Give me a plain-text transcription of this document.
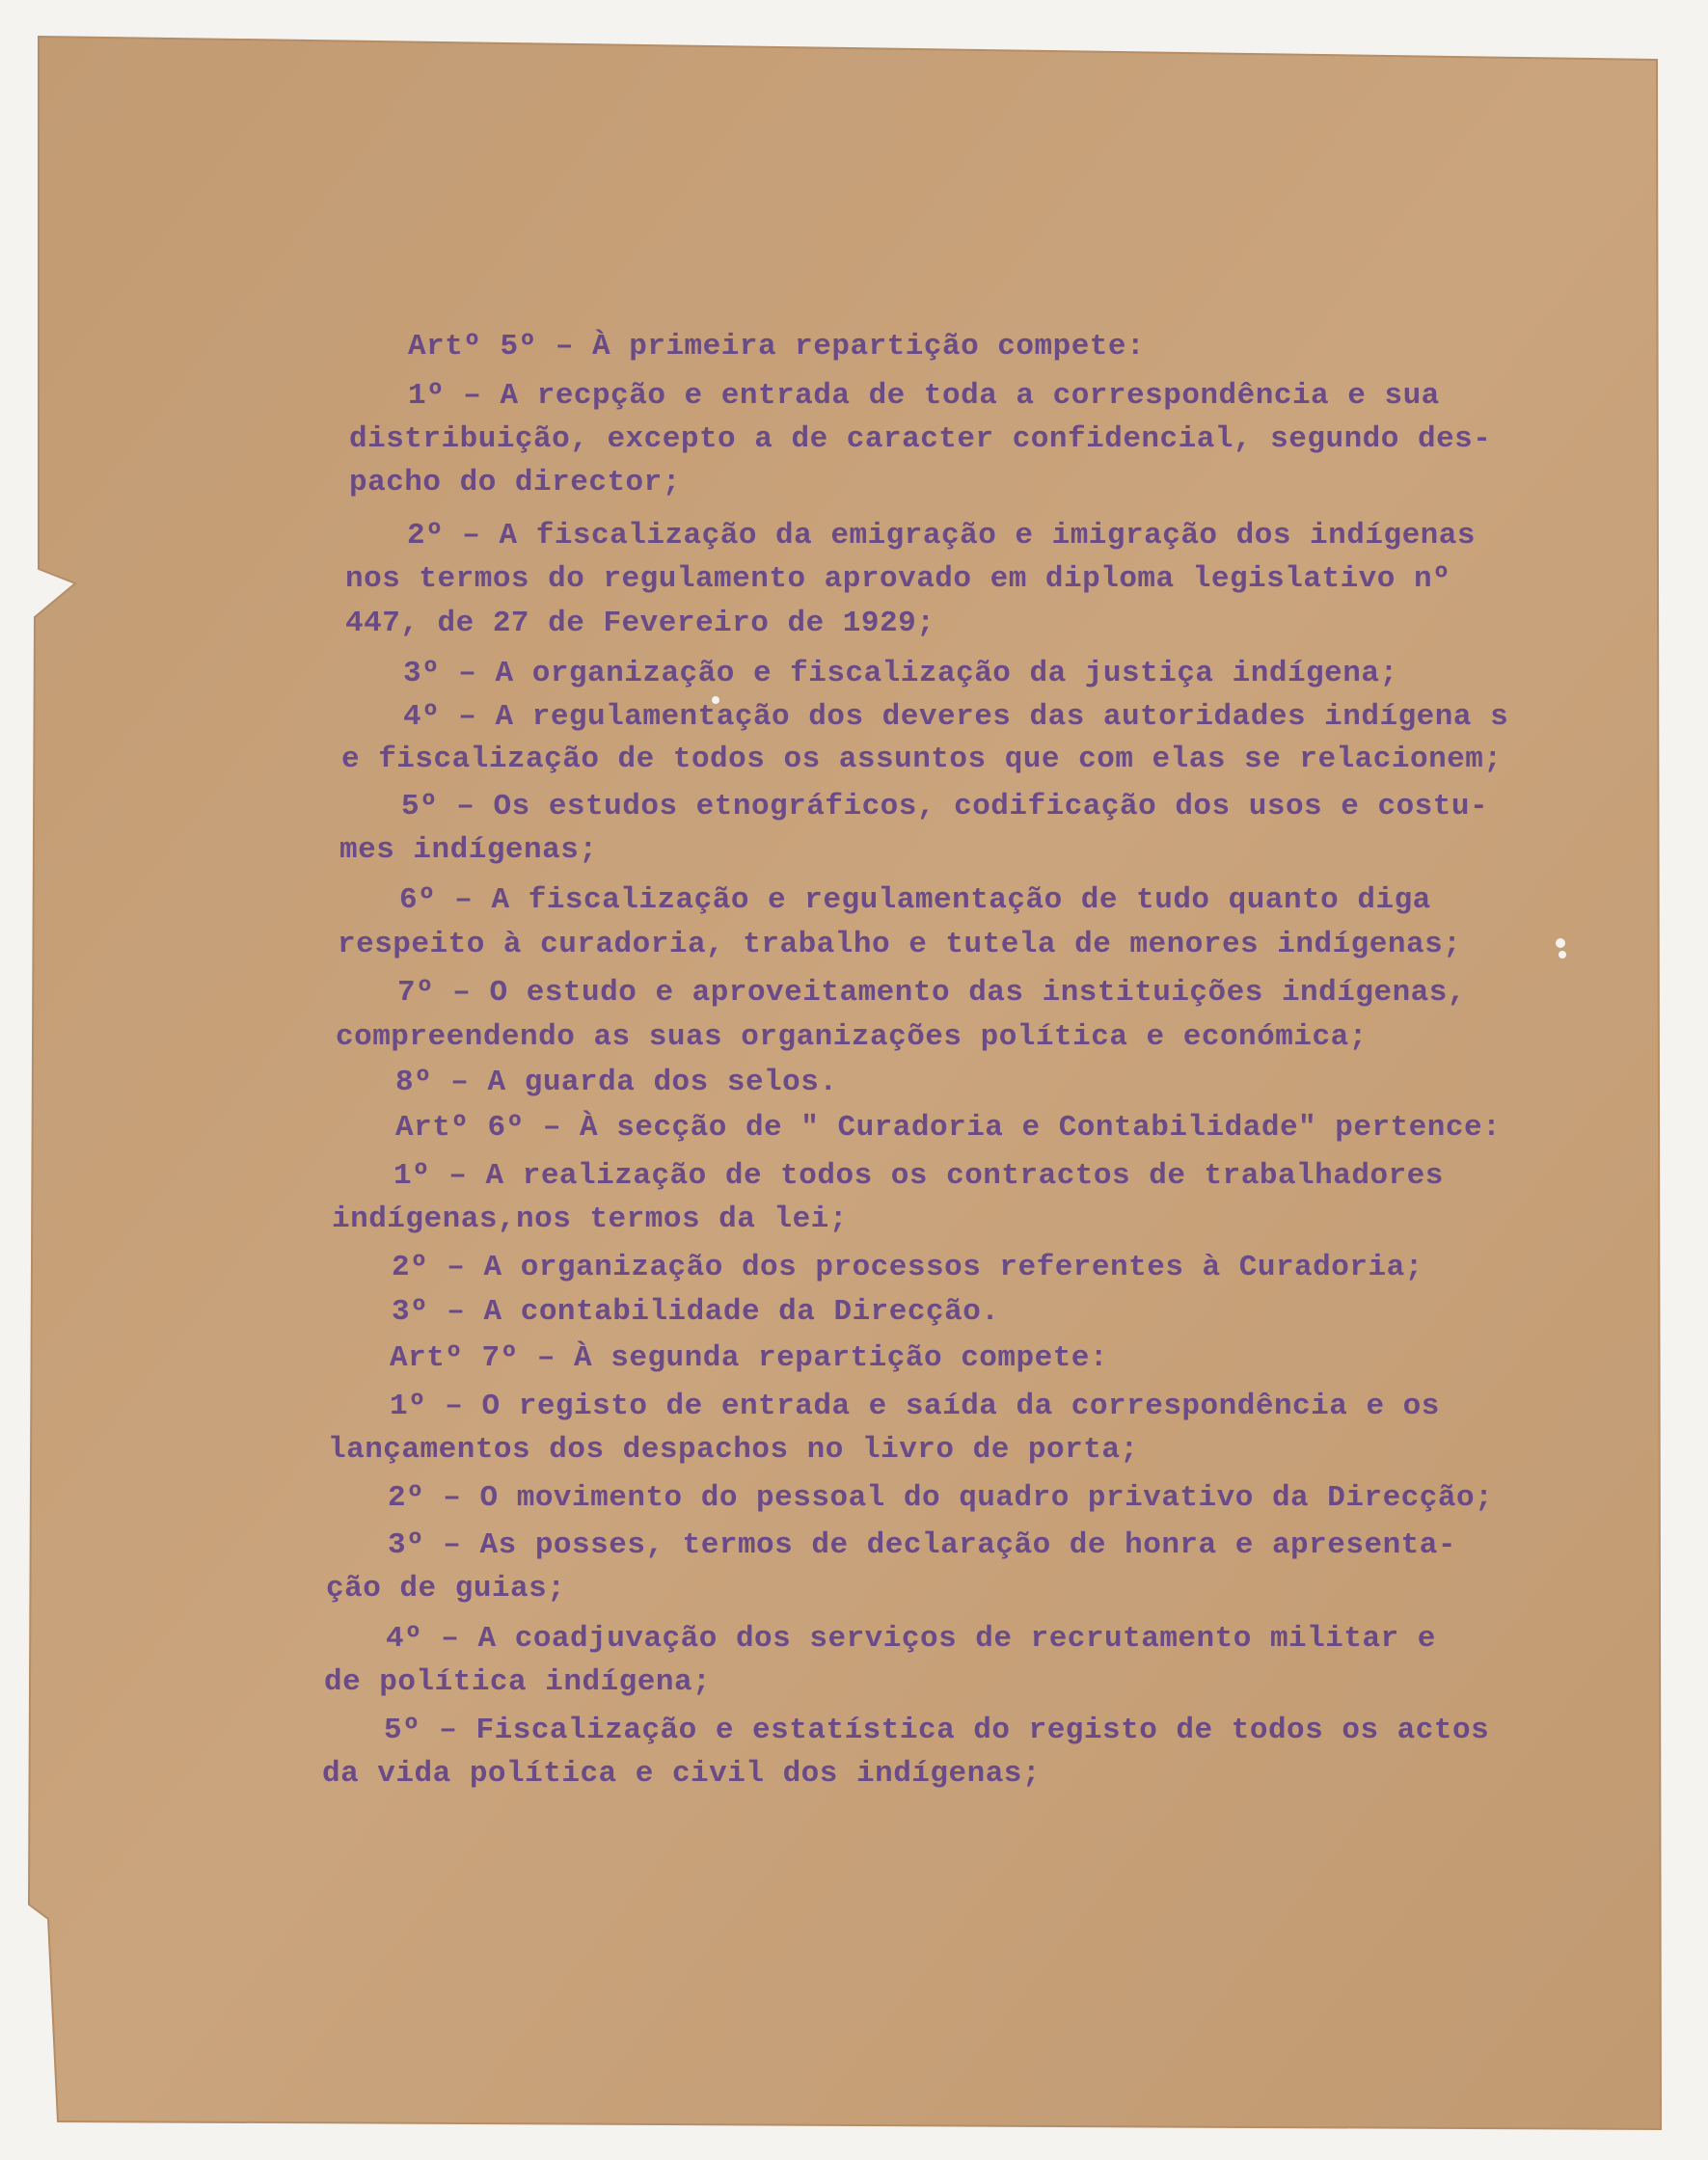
Artº 5º – À primeira repartição compete:
1º – A recpção e entrada de toda a correspondência e sua
distribuição, excepto a de caracter confidencial, segundo des-
pacho do director;
2º – A fiscalização da emigração e imigração dos indígenas
nos termos do regulamento aprovado em diploma legislativo nº
447, de 27 de Fevereiro de 1929;
3º – A organização e fiscalização da justiça indígena;
4º – A regulamentação dos deveres das autoridades indígena s
e fiscalização de todos os assuntos que com elas se relacionem;
5º – Os estudos etnográficos, codificação dos usos e costu-
mes indígenas;
6º – A fiscalização e regulamentação de tudo quanto diga
respeito à curadoria, trabalho e tutela de menores indígenas;
7º – O estudo e aproveitamento das instituições indígenas,
compreendendo as suas organizações política e económica;
8º – A guarda dos selos.
Artº 6º – À secção de " Curadoria e Contabilidade" pertence:
1º – A realização de todos os contractos de trabalhadores
indígenas,nos termos da lei;
2º – A organização dos processos referentes à Curadoria;
3º – A contabilidade da Direcção.
Artº 7º – À segunda repartição compete:
1º – O registo de entrada e saída da correspondência e os
lançamentos dos despachos no livro de porta;
2º – O movimento do pessoal do quadro privativo da Direcção;
3º – As posses, termos de declaração de honra e apresenta-
ção de guias;
4º – A coadjuvação dos serviços de recrutamento militar e
de política indígena;
5º – Fiscalização e estatística do registo de todos os actos
da vida política e civil dos indígenas;
